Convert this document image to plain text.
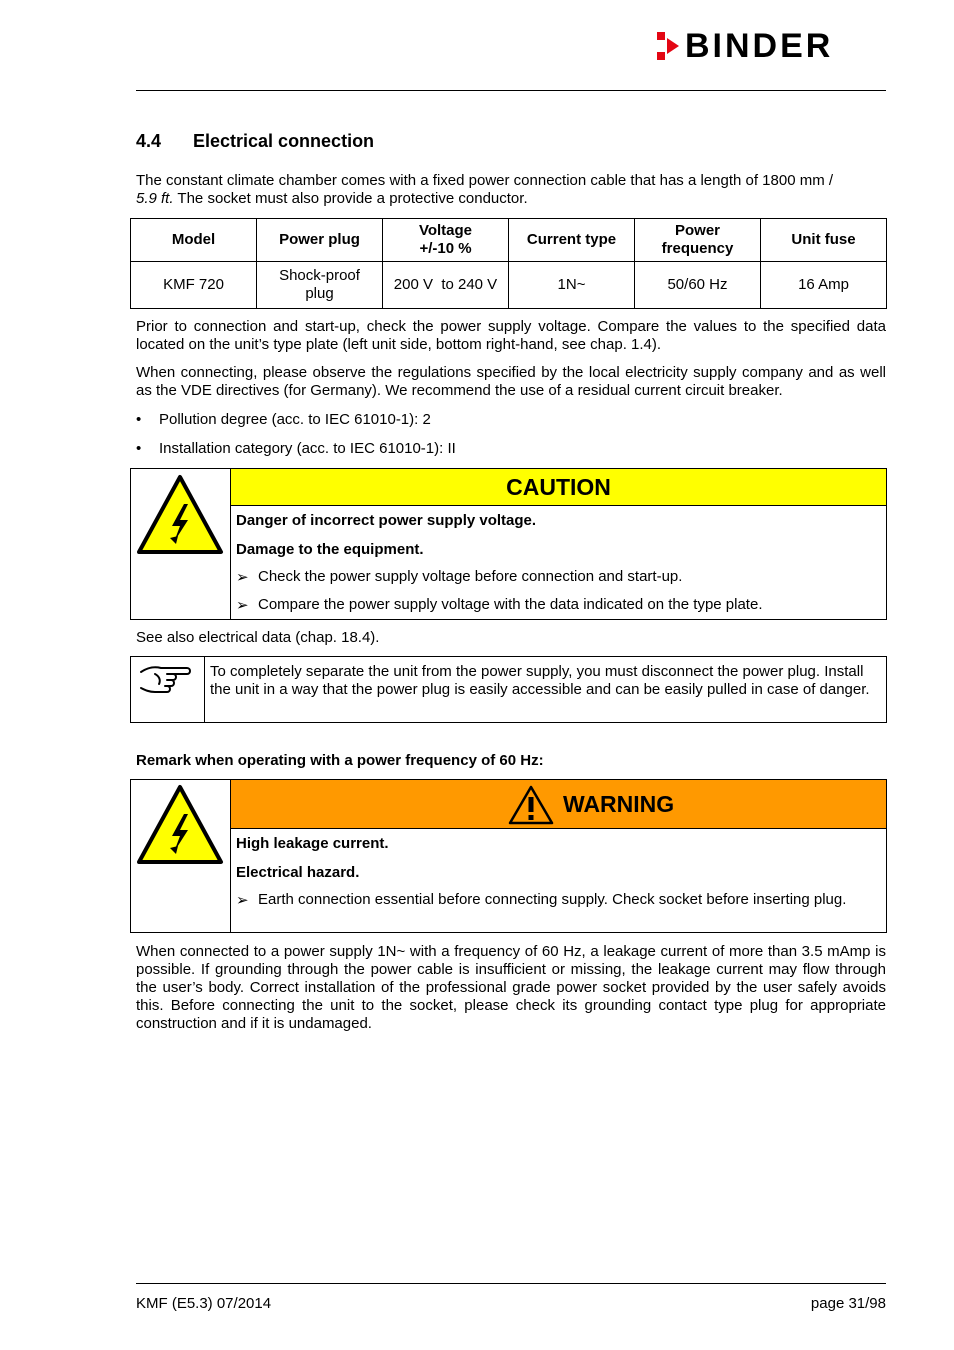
BINDER
4.4 Electrical connection
The constant climate chamber comes with a fixed power connection cable that has a length of 1800 mm /
5.9 ft. The socket must also provide a protective conductor.
Model	Power plug	Voltage +/-10 %	Current type	Power frequency	Unit fuse
KMF 720	Shock-proof plug	200 V  to 240 V	1N~	50/60 Hz	16 Amp
Prior to connection and start-up, check the power supply voltage. Compare the values to the specified data located on the unit’s type plate (left unit side, bottom right-hand, see chap. 1.4).
When connecting, please observe the regulations specified by the local electricity supply company and as well as the VDE directives (for Germany). We recommend the use of a residual current circuit breaker.
• Pollution degree (acc. to IEC 61010-1): 2
• Installation category (acc. to IEC 61010-1): II
CAUTION
Danger of incorrect power supply voltage.
Damage to the equipment.
➢ Check the power supply voltage before connection and start-up.
➢ Compare the power supply voltage with the data indicated on the type plate.
See also electrical data (chap. 18.4).
To completely separate the unit from the power supply, you must disconnect the power plug. Install the unit in a way that the power plug is easily accessible and can be easily pulled in case of danger.
Remark when operating with a power frequency of 60 Hz:
WARNING
High leakage current.
Electrical hazard.
➢ Earth connection essential before connecting supply. Check socket before inserting plug.
When connected to a power supply 1N~ with a frequency of 60 Hz, a leakage current of more than 3.5 mAmp is possible. If grounding through the power cable is insufficient or missing, the leakage current may flow through the user’s body. Correct installation of the professional grade power socket provided by the user safely avoids this. Before connecting the unit to the socket, please check its grounding contact type plug for appropriate construction and if it is undamaged.
KMF (E5.3) 07/2014	page 31/98
